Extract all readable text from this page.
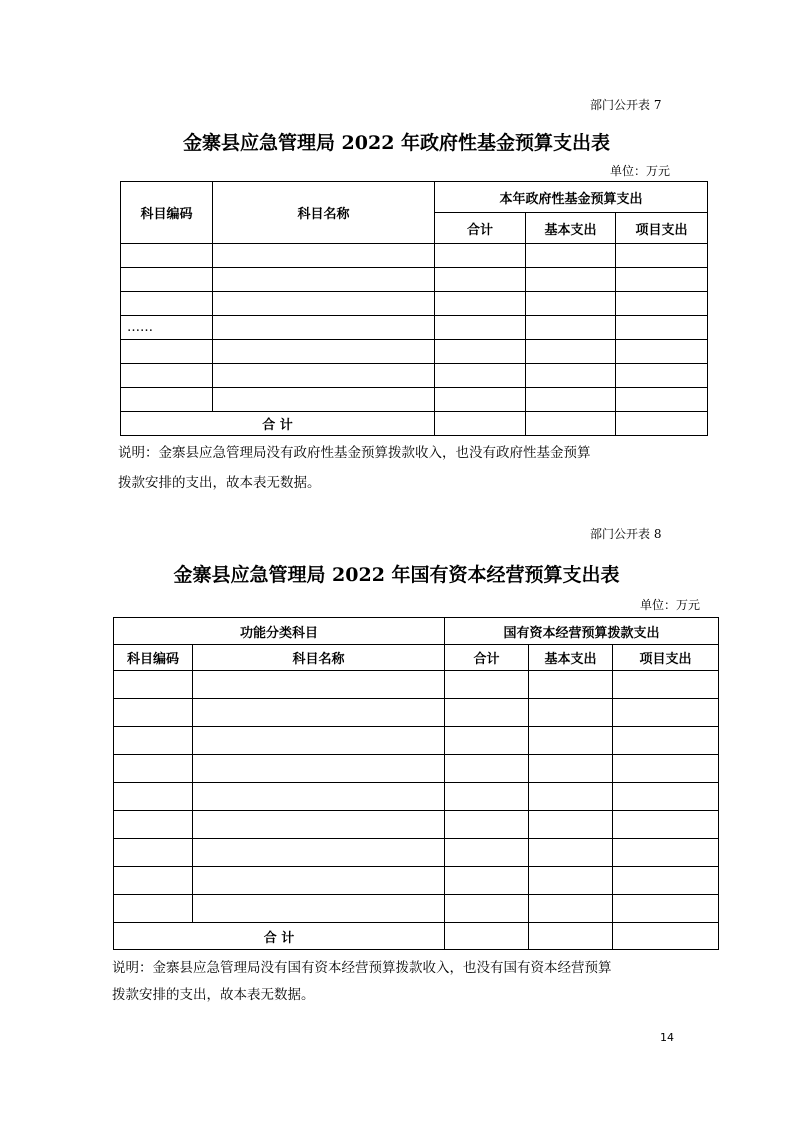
部门公开表 7
金寨县应急管理局 2022 年政府性基金预算支出表
单位：万元
科目编码	科目名称	本年政府性基金预算支出		
		合计	基本支出	项目支出

……				

合 计				
说明：金寨县应急管理局没有政府性基金预算拨款收入，也没有政府性基金预算
拨款安排的支出，故本表无数据。
部门公开表 8
金寨县应急管理局 2022 年国有资本经营预算支出表
单位：万元
功能分类科目		国有资本经营预算拨款支出		
科目编码	科目名称	合计	基本支出	项目支出

合 计				
说明：金寨县应急管理局没有国有资本经营预算拨款收入，也没有国有资本经营预算
拨款安排的支出，故本表无数据。
14
